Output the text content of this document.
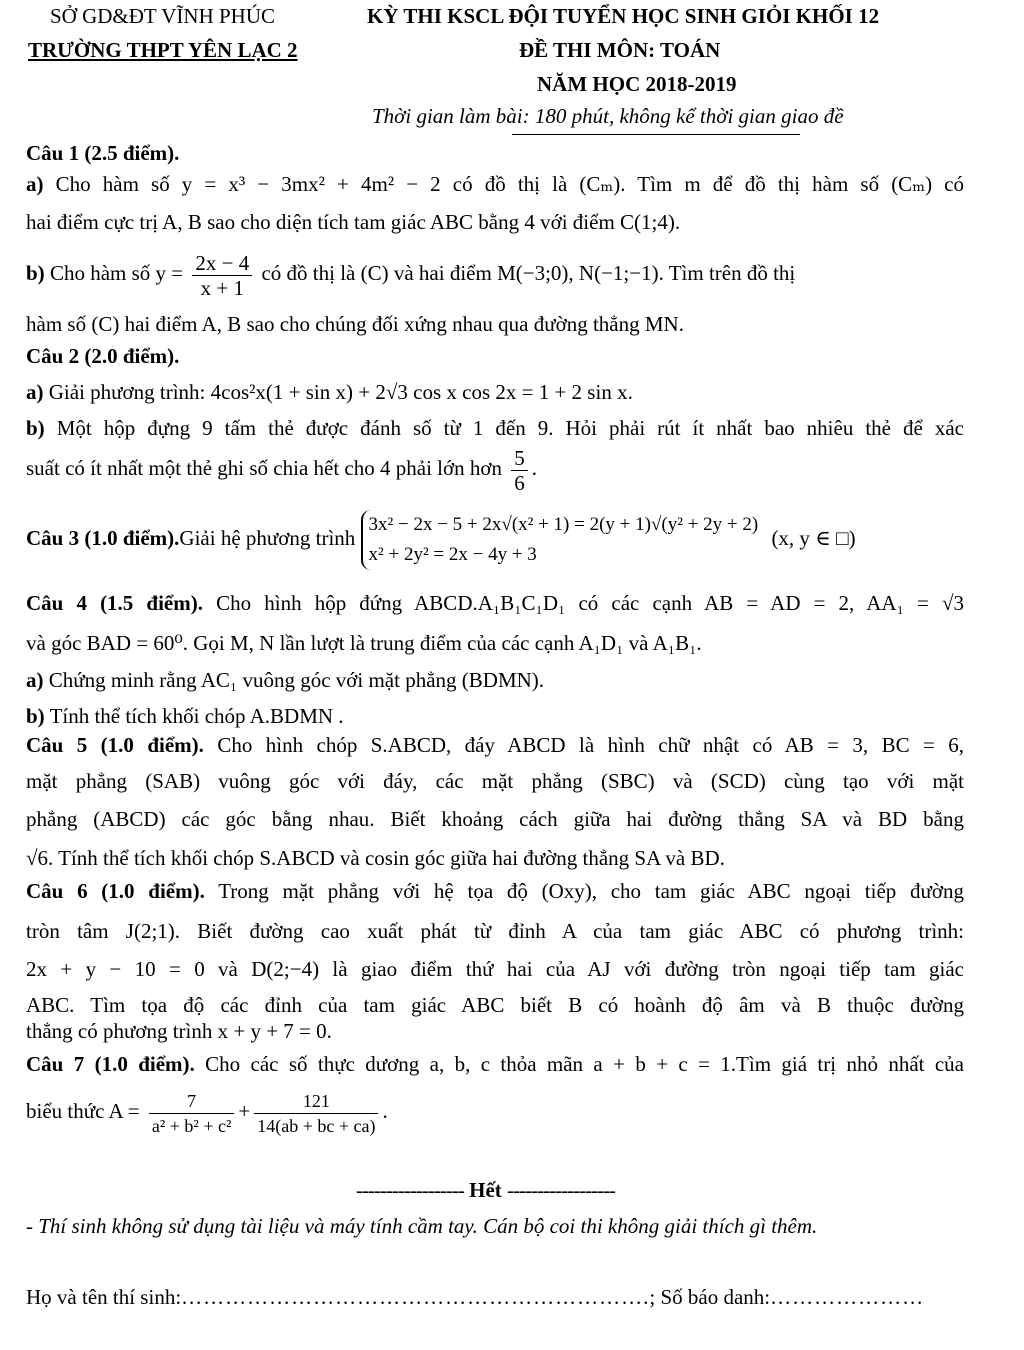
SỞ GD&ĐT VĨNH PHÚC
TRƯỜNG THPT YÊN LẠC 2
KỲ THI KSCL ĐỘI TUYỂN HỌC SINH GIỎI KHỐI 12
ĐỀ THI MÔN: TOÁN
NĂM HỌC 2018-2019
Thời gian làm bài: 180 phút, không kể thời gian giao đề
Câu 1 (2.5 điểm).
a) Cho hàm số y = x³ − 3mx² + 4m² − 2 có đồ thị là (Cₘ). Tìm m để đồ thị hàm số (Cₘ) có
hai điểm cực trị A, B sao cho diện tích tam giác ABC bằng 4 với điểm C(1;4).
b) Cho hàm số $y = \frac{2x - 4}{x + 1}$ có đồ thị là (C) và hai điểm M(−3;0), N(−1;−1). Tìm trên đồ thị
hàm số (C) hai điểm A, B sao cho chúng đối xứng nhau qua đường thẳng MN.
Câu 2 (2.0 điểm).
a) Giải phương trình: 4cos²x(1 + sin x) + 2√3 cos x cos 2x = 1 + 2 sin x.
b) Một hộp đựng 9 tấm thẻ được đánh số từ 1 đến 9. Hỏi phải rút ít nhất bao nhiêu thẻ để xác
suất có ít nhất một thẻ ghi số chia hết cho 4 phải lớn hơn $\frac{5}{6}$ .
Câu 3 (1.0 điểm).Giải hệ phương trình
3x² − 2x − 5 + 2x√(x² + 1) = 2(y + 1)√(y² + 2y + 2)
x² + 2y² = 2x − 4y + 3
(x, y ∈ □)
Câu 4 (1.5 điểm). Cho hình hộp đứng ABCD.A₁B₁C₁D₁ có các cạnh AB = AD = 2, AA₁ = √3
và góc BAD = 60⁰. Gọi M, N lần lượt là trung điểm của các cạnh A₁D₁ và A₁B₁.
a) Chứng minh rằng AC₁ vuông góc với mặt phẳng (BDMN).
b) Tính thể tích khối chóp A.BDMN .
Câu 5 (1.0 điểm). Cho hình chóp S.ABCD, đáy ABCD là hình chữ nhật có AB = 3, BC = 6,
mặt phẳng (SAB) vuông góc với đáy, các mặt phẳng (SBC) và (SCD) cùng tạo với mặt
phẳng (ABCD) các góc bằng nhau. Biết khoảng cách giữa hai đường thẳng SA và BD bằng
√6. Tính thể tích khối chóp S.ABCD và cosin góc giữa hai đường thẳng SA và BD.
Câu 6 (1.0 điểm). Trong mặt phẳng với hệ tọa độ (Oxy), cho tam giác ABC ngoại tiếp đường
tròn tâm J(2;1). Biết đường cao xuất phát từ đỉnh A của tam giác ABC có phương trình:
2x + y − 10 = 0 và D(2;−4) là giao điểm thứ hai của AJ với đường tròn ngoại tiếp tam giác
ABC. Tìm tọa độ các đỉnh của tam giác ABC biết B có hoành độ âm và B thuộc đường
thẳng có phương trình x + y + 7 = 0.
Câu 7 (1.0 điểm). Cho các số thực dương a, b, c thỏa mãn a + b + c = 1.Tìm giá trị nhỏ nhất của
biểu thức $A = \frac{7}{\text{a² + b² + c²}} + \frac{121}{14(ab + bc + ca)}$ .
------------------ Hết ------------------
- Thí sinh không sử dụng tài liệu và máy tính cầm tay. Cán bộ coi thi không giải thích gì thêm.
Họ và tên thí sinh:……………………………………………………….; Số báo danh:…………………
